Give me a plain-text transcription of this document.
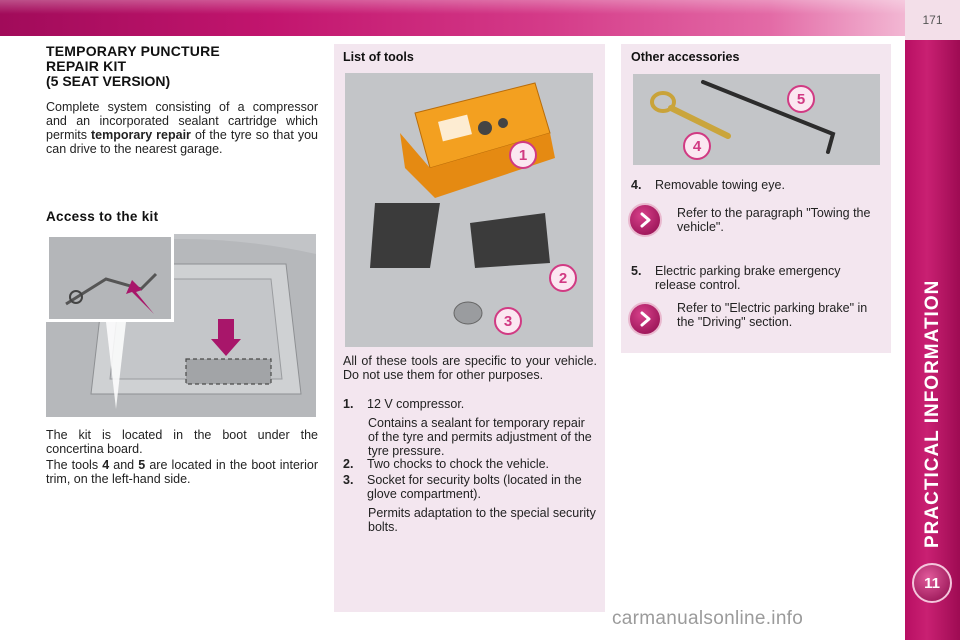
171
PRACTICAL INFORMATION
11
TEMPORARY PUNCTURE
REPAIR KIT
(5 SEAT VERSION)

Complete system consisting of a compressor and an incorporated sealant cartridge which permits temporary repair of the tyre so that you can drive to the nearest garage.

Access to the kit

The kit is located in the boot under the concertina board.

The tools 4 and 5 are located in the boot interior trim, on the left-hand side.

List of tools
1
2
3

All of these tools are specific to your vehicle. Do not use them for other purposes.

1. 12 V compressor.
Contains a sealant for temporary repair of the tyre and permits adjustment of the tyre pressure.
2. Two chocks to chock the vehicle.
3.	Socket for security bolts (located in the glove compartment).
Permits adaptation to the special security bolts.
Other accessories
5
4
4. Removable towing eye.
Refer to the paragraph "Towing the vehicle".
5.	Electric parking brake emergency release control.
Refer to "Electric parking brake" in the "Driving" section.
carmanualsonline.info
